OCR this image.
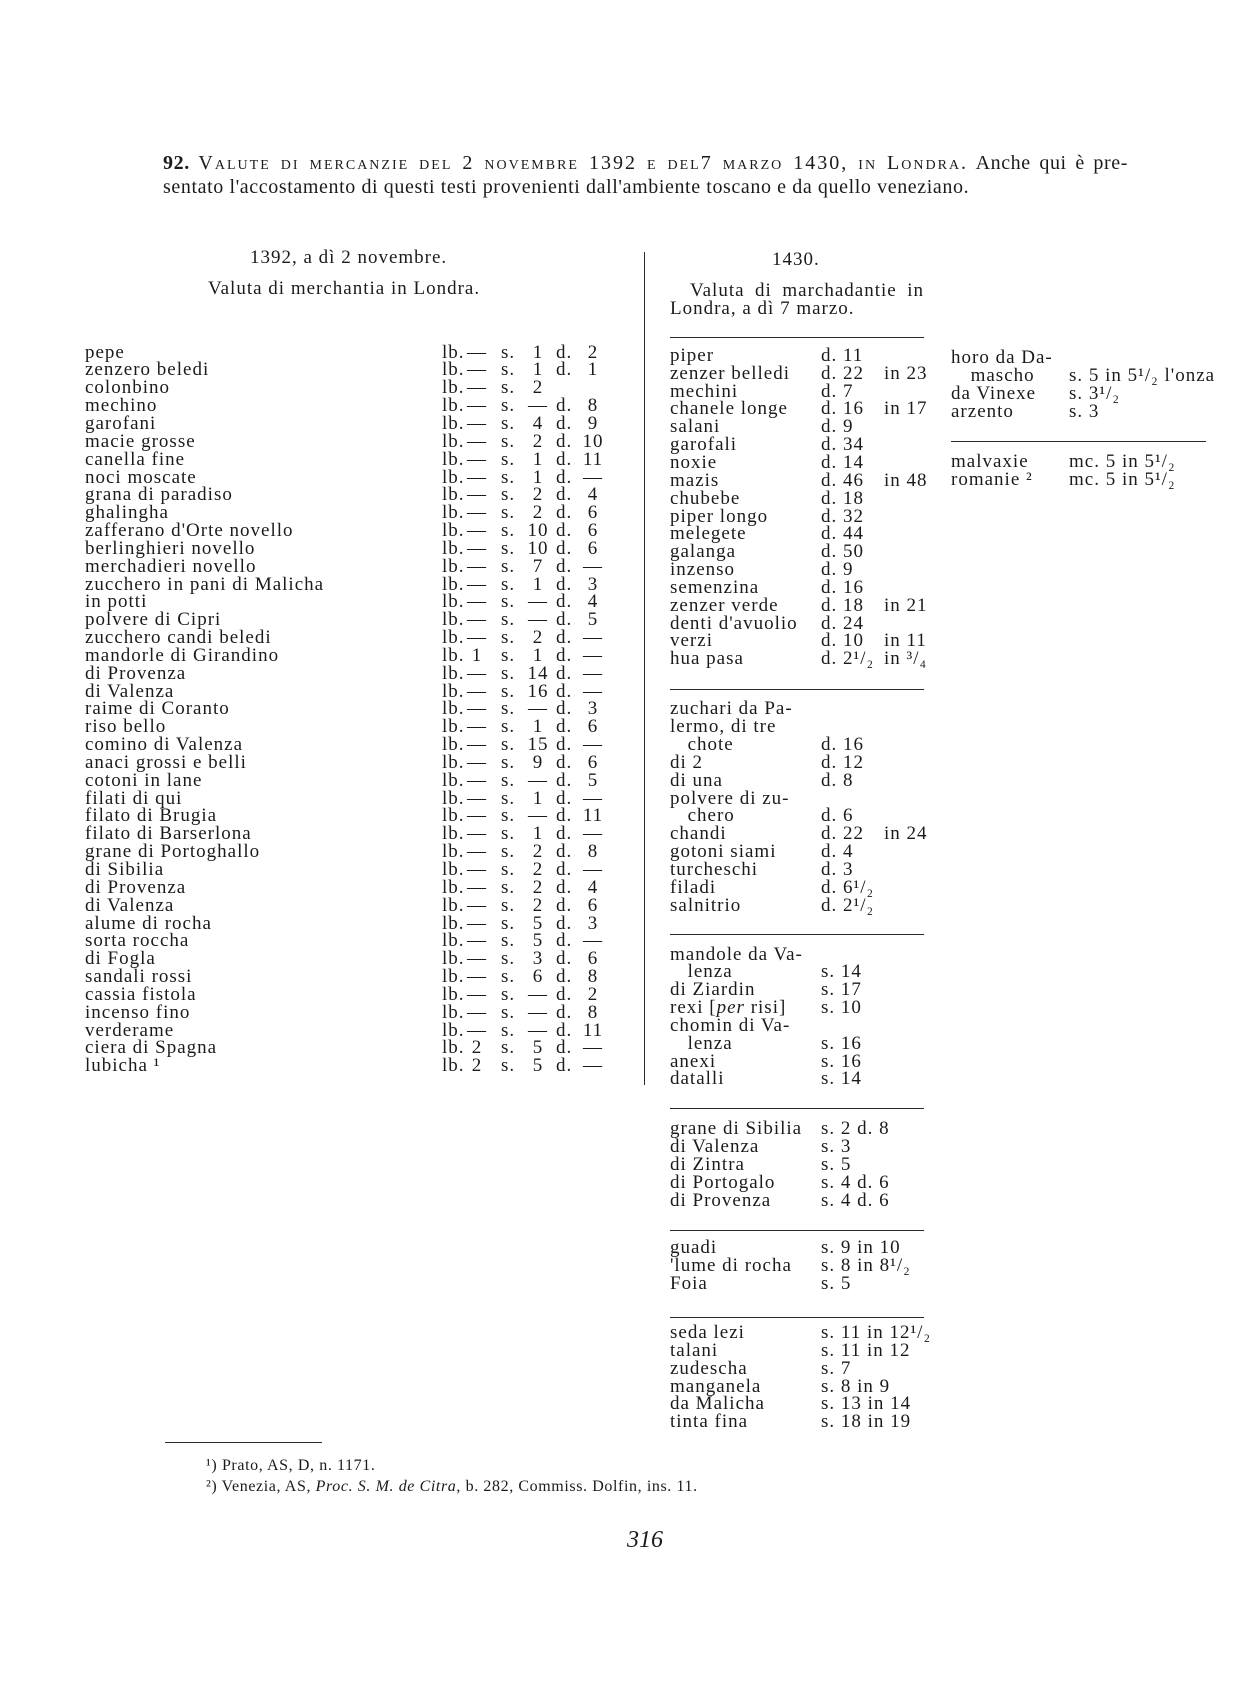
92. Valute di mercanzie del 2 novembre 1392 e del7 marzo 1430, in Londra. Anche qui è pre-
sentato l'accostamento di questi testi provenienti dall'ambiente toscano e da quello veneziano.
1392, a dì 2 novembre.
Valuta di merchantia in Londra.
1430.
Valuta di marchadantie in
Londra, a dì 7 marzo.
pepe	lb. — s. 1 d. 2
zenzero beledi	lb. — s. 1 d. 1
colonbino	lb. — s. 2
mechino	lb. — s. — d. 8
garofani	lb. — s. 4 d. 9
macie grosse	lb. — s. 2 d. 10
canella fine	lb. — s. 1 d. 11
noci moscate	lb. — s. 1 d. —
grana di paradiso	lb. — s. 2 d. 4
ghalingha	lb. — s. 2 d. 6
zafferano d'Orte novello	lb. — s. 10 d. 6
berlinghieri novello	lb. — s. 10 d. 6
merchadieri novello	lb. — s. 7 d. —
zucchero in pani di Malicha	lb. — s. 1 d. 3
in potti	lb. — s. — d. 4
polvere di Cipri	lb. — s. — d. 5
zucchero candi beledi	lb. — s. 2 d. —
mandorle di Girandino	lb. 1 s. 1 d. —
di Provenza	lb. — s. 14 d. —
di Valenza	lb. — s. 16 d. —
raime di Coranto	lb. — s. — d. 3
riso bello	lb. — s. 1 d. 6
comino di Valenza	lb. — s. 15 d. —
anaci grossi e belli	lb. — s. 9 d. 6
cotoni in lane	lb. — s. — d. 5
filati di qui	lb. — s. 1 d. —
filato di Brugia	lb. — s. — d. 11
filato di Barserlona	lb. — s. 1 d. —
grane di Portoghallo	lb. — s. 2 d. 8
di Sibilia	lb. — s. 2 d. —
di Provenza	lb. — s. 2 d. 4
di Valenza	lb. — s. 2 d. 6
alume di rocha	lb. — s. 5 d. 3
sorta roccha	lb. — s. 5 d. —
di Fogla	lb. — s. 3 d. 6
sandali rossi	lb. — s. 6 d. 8
cassia fistola	lb. — s. — d. 2
incenso fino	lb. — s. — d. 8
verderame	lb. — s. — d. 11
ciera di Spagna	lb. 2 s. 5 d. —
lubicha ¹	lb. 2 s. 5 d. —
piper	d. 11
zenzer belledi d. 22 in 23
mechini	d. 7
chanele longe d. 16 in 17
salani	d. 9
garofali	d. 34
noxie	d. 14
mazis	d. 46 in 48
chubebe	d. 18
piper longo	d. 32
melegete	d. 44
galanga	d. 50
inzenso	d. 9
semenzina	d. 16
zenzer verde d. 18 in 21
denti d'avuolio d. 24
verzi	d. 10 in 11
hua pasa	d. 2¹/₂ in ³/₄
zuchari da Pa-
lermo, di tre
chote	d. 16
di 2	d. 12
di una	d. 8
polvere di zu-
chero	d. 6
chandi	d. 22 in 24
gotoni siami d. 4
turcheschi	d. 3
filadi	d. 6¹/₂
salnitrio	d. 2¹/₂
mandole da Va-
lenza	s. 14
di Ziardin	s. 17
rexi [per risi] s. 10
chomin di Va-
lenza	s. 16
anexi	s. 16
datalli	s. 14
grane di Sibilia s. 2 d. 8
di Valenza	s. 3
di Zintra	s. 5
di Portogalo s. 4 d. 6
di Provenza	s. 4 d. 6
guadi	s. 9 in 10
'lume di rocha s. 8 in 8¹/₂
Foia	s. 5
seda lezi	s. 11 in 12¹/₂
talani	s. 11 in 12
zudescha	s. 7
manganela	s. 8 in 9
da Malicha	s. 13 in 14
tinta fina	s. 18 in 19
horo da Da-
mascho s. 5 in 5¹/₂ l'onza
da Vinexe s. 3¹/₂
arzento	s. 3
malvaxie mc. 5 in 5¹/₂
romanie ² mc. 5 in 5¹/₂
¹) Prato, AS, D, n. 1171.
²) Venezia, AS, Proc. S. M. de Citra, b. 282, Commiss. Dolfin, ins. 11.
316
